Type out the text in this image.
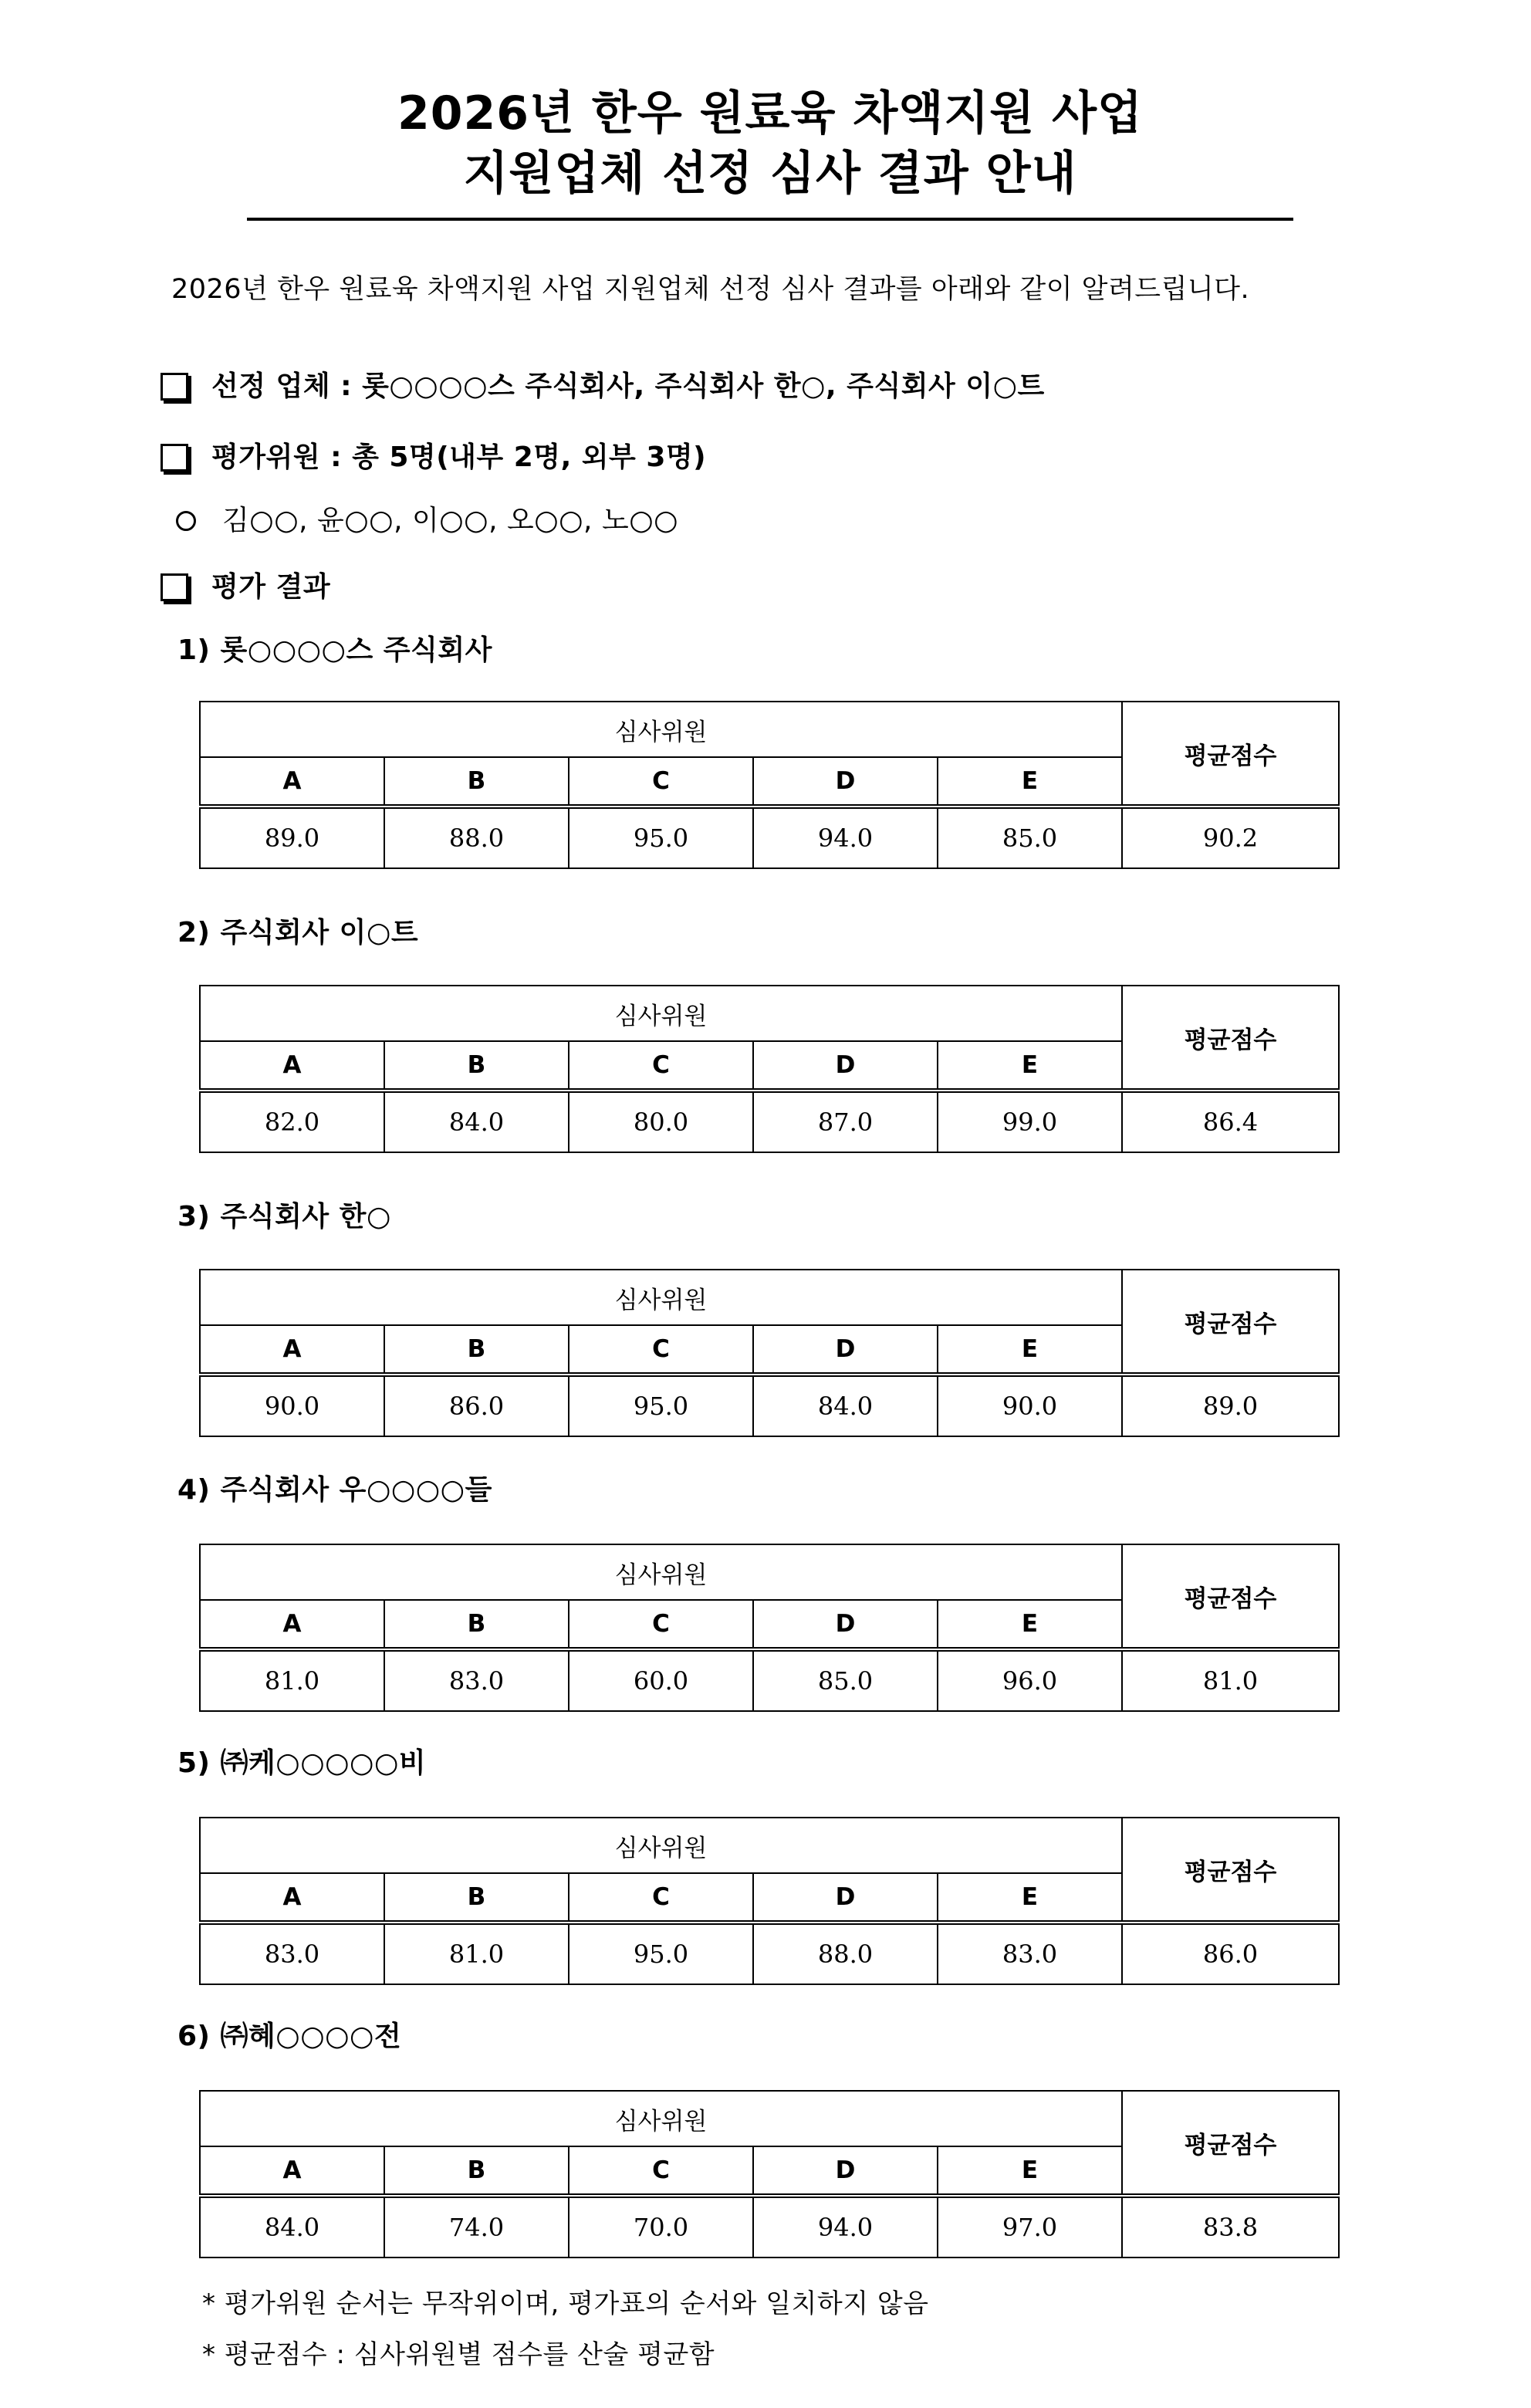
2026년 한우 원료육 차액지원 사업
지원업체 선정 심사 결과 안내
2026년 한우 원료육 차액지원 사업 지원업체 선정 심사 결과를 아래와 같이 알려드립니다.
선정 업체 : 롯○○○○스 주식회사, 주식회사 한○, 주식회사 이○트
평가위원 : 총 5명(내부 2명, 외부 3명)
김○○, 윤○○, 이○○, 오○○, 노○○
평가 결과
1) 롯○○○○스 주식회사
심사위원					평균점수
A	B	C	D	E	
89.0	88.0	95.0	94.0	85.0	90.2
2) 주식회사 이○트
심사위원					평균점수
A	B	C	D	E	
82.0	84.0	80.0	87.0	99.0	86.4
3) 주식회사 한○
심사위원					평균점수
A	B	C	D	E	
90.0	86.0	95.0	84.0	90.0	89.0
4) 주식회사 우○○○○들
심사위원					평균점수
A	B	C	D	E	
81.0	83.0	60.0	85.0	96.0	81.0
5) ㈜케○○○○○비
심사위원					평균점수
A	B	C	D	E	
83.0	81.0	95.0	88.0	83.0	86.0
6) ㈜혜○○○○전
심사위원					평균점수
A	B	C	D	E	
84.0	74.0	70.0	94.0	97.0	83.8
* 평가위원 순서는 무작위이며, 평가표의 순서와 일치하지 않음
* 평균점수 : 심사위원별 점수를 산술 평균함
